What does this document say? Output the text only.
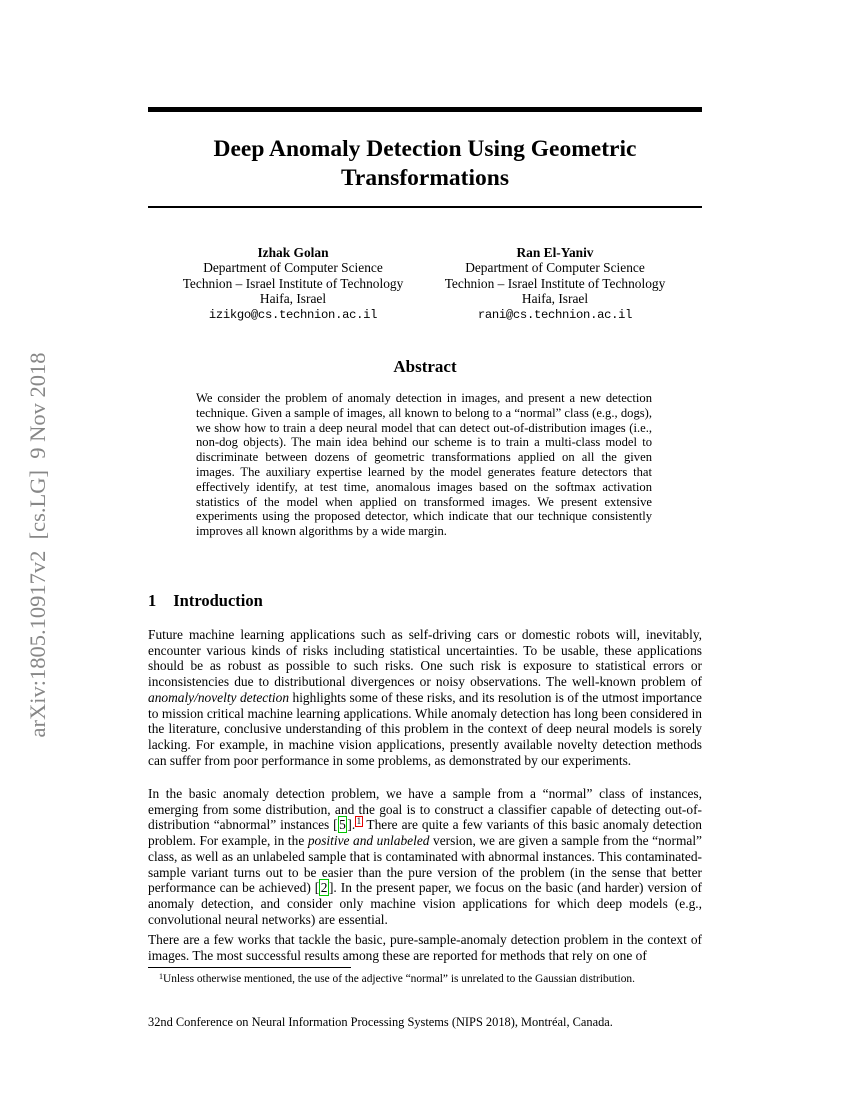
arXiv:1805.10917v2  [cs.LG]  9 Nov 2018
Deep Anomaly Detection Using Geometric Transformations
Izhak Golan
Department of Computer Science
Technion – Israel Institute of Technology
Haifa, Israel
izikgo@cs.technion.ac.il
Ran El-Yaniv
Department of Computer Science
Technion – Israel Institute of Technology
Haifa, Israel
rani@cs.technion.ac.il
Abstract
We consider the problem of anomaly detection in images, and present a new detection technique. Given a sample of images, all known to belong to a “normal” class (e.g., dogs), we show how to train a deep neural model that can detect out-of-distribution images (i.e., non-dog objects). The main idea behind our scheme is to train a multi-class model to discriminate between dozens of geometric transformations applied on all the given images. The auxiliary expertise learned by the model generates feature detectors that effectively identify, at test time, anomalous images based on the softmax activation statistics of the model when applied on transformed images. We present extensive experiments using the proposed detector, which indicate that our technique consistently improves all known algorithms by a wide margin.
1 Introduction

Future machine learning applications such as self-driving cars or domestic robots will, inevitably, encounter various kinds of risks including statistical uncertainties. To be usable, these applications should be as robust as possible to such risks. One such risk is exposure to statistical errors or inconsistencies due to distributional divergences or noisy observations. The well-known problem of anomaly/novelty detection highlights some of these risks, and its resolution is of the utmost importance to mission critical machine learning applications. While anomaly detection has long been considered in the literature, conclusive understanding of this problem in the context of deep neural models is sorely lacking. For example, in machine vision applications, presently available novelty detection methods can suffer from poor performance in some problems, as demonstrated by our experiments.

In the basic anomaly detection problem, we have a sample from a “normal” class of instances, emerging from some distribution, and the goal is to construct a classifier capable of detecting out-of-distribution “abnormal” instances [ 5 ]. 1 There are quite a few variants of this basic anomaly detection problem. For example, in the positive and unlabeled version, we are given a sample from the “normal” class, as well as an unlabeled sample that is contaminated with abnormal instances. This contaminated-sample variant turns out to be easier than the pure version of the problem (in the sense that better performance can be achieved) [ 2 ]. In the present paper, we focus on the basic (and harder) version of anomaly detection, and consider only machine vision applications for which deep models (e.g., convolutional neural networks) are essential.

There are a few works that tackle the basic, pure-sample-anomaly detection problem in the context of images. The most successful results among these are reported for methods that rely on one of

1Unless otherwise mentioned, the use of the adjective “normal” is unrelated to the Gaussian distribution.
32nd Conference on Neural Information Processing Systems (NIPS 2018), Montréal, Canada.
